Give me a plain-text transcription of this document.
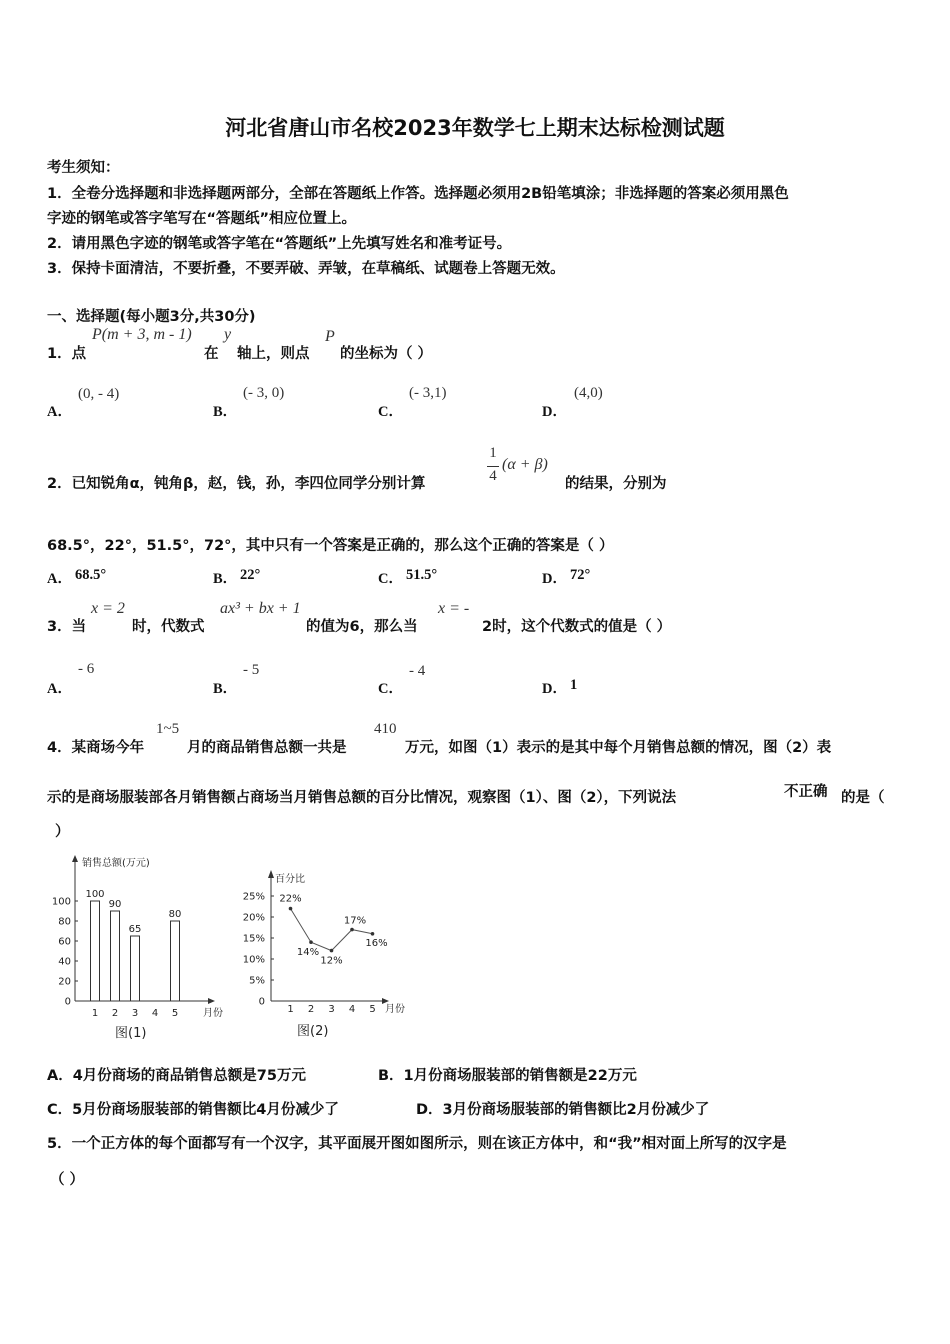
河北省唐山市名校2023年数学七上期末达标检测试题
考生须知：
1．全卷分选择题和非选择题两部分，全部在答题纸上作答。选择题必须用2B铅笔填涂；非选择题的答案必须用黑色
字迹的钢笔或答字笔写在“答题纸”相应位置上。
2．请用黑色字迹的钢笔或答字笔在“答题纸”上先填写姓名和准考证号。
3．保持卡面清洁，不要折叠，不要弄破、弄皱，在草稿纸、试题卷上答题无效。
一、选择题(每小题3分,共30分)
1．点
P(m + 3, m - 1)
在
y
轴上，则点
P
的坐标为（ ）
A．
(0, - 4)
B．
(- 3, 0)
C．
(- 3,1)
D．
(4,0)
2．已知锐角α，钝角β，赵，钱，孙，李四位同学分别计算
1
4
(α + β)
的结果，分别为
68.5°，22°，51.5°，72°，其中只有一个答案是正确的，那么这个正确的答案是（ ）
A． 68.5°	B． 22°	C． 51.5°	D． 72°
3．当
x = 2
时，代数式
ax³ + bx + 1
的值为6，那么当
x = -
2时，这个代数式的值是（ ）
A．
- 6
B．
- 5
C．
- 4
D． 1
4．某商场今年
1~5
月的商品销售总额一共是
410
万元，如图（1）表示的是其中每个月销售总额的情况，图（2）表
示的是商场服装部各月销售额占商场当月销售总额的百分比情况，观察图（1）、图（2），下列说法	不正确 的是（
）
销售总额(万元)
0
20
40
60
80
100
1 2 3 4 5
100
90
65
80
月份
图(1)
百分比
0
5%
10%
15%
20%
25%
1 2 3 4 5
22%
14%
12%
17%
16%
月份
图(2)
A．4月份商场的商品销售总额是75万元	B．1月份商场服装部的销售额是22万元
C．5月份商场服装部的销售额比4月份减少了	D．3月份商场服装部的销售额比2月份减少了
5．一个正方体的每个面都写有一个汉字，其平面展开图如图所示，则在该正方体中，和“我”相对面上所写的汉字是
（ ）
